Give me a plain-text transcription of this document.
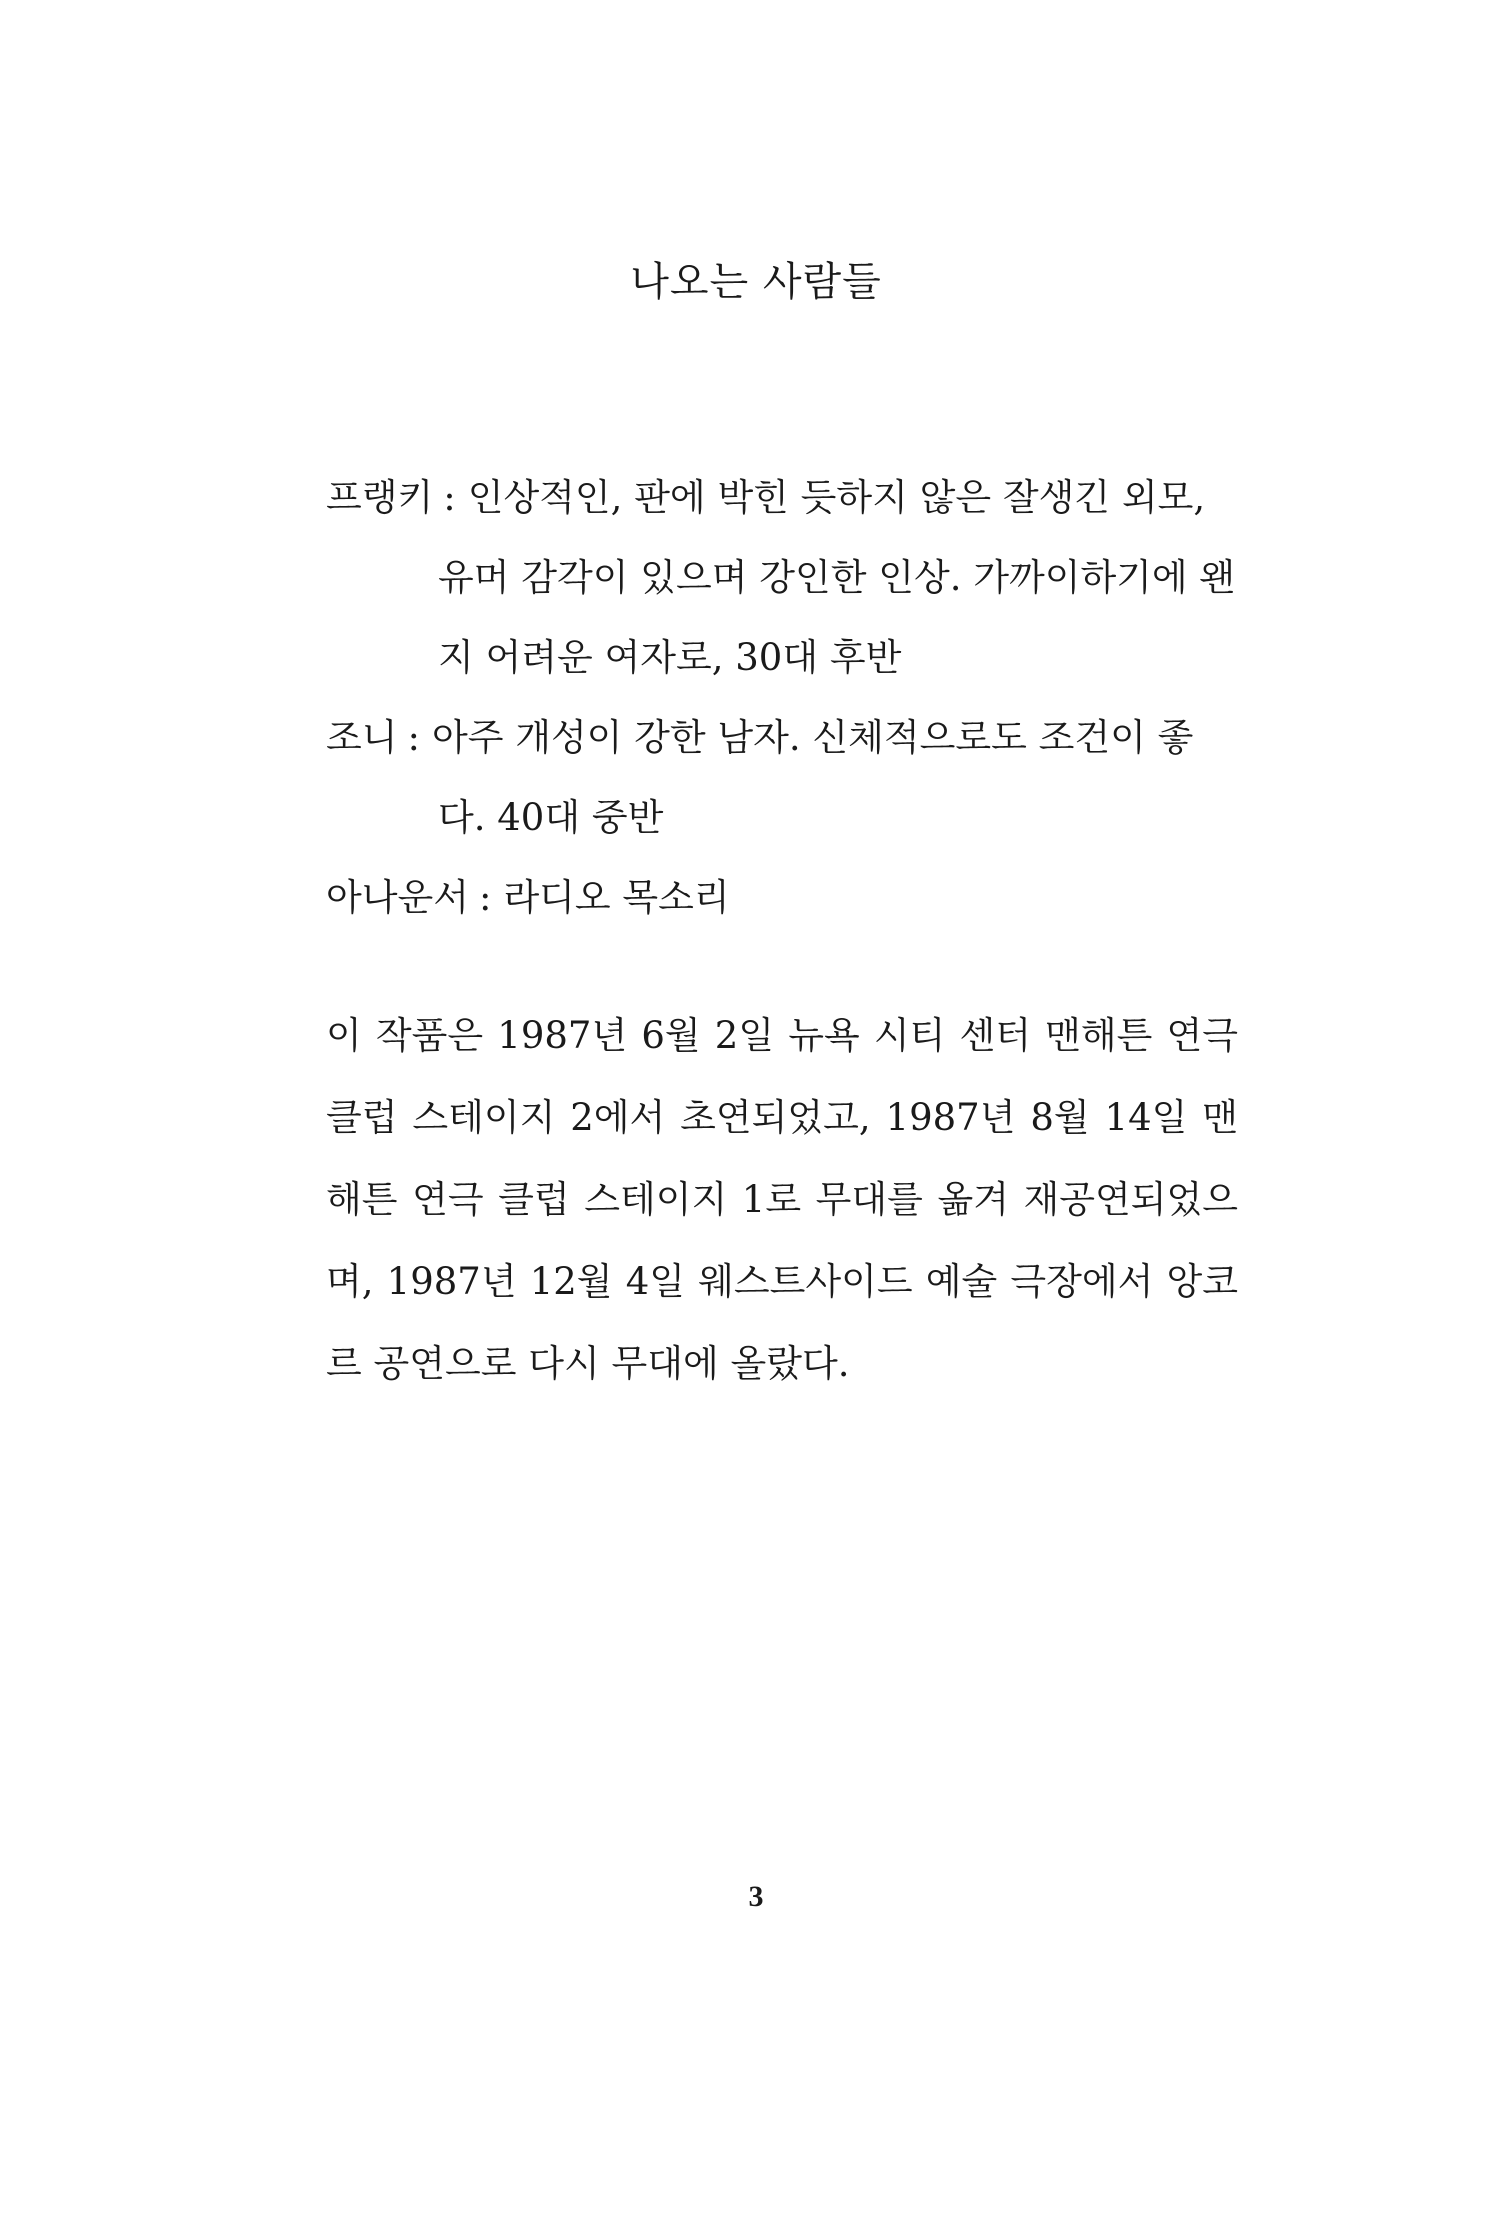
나오는 사람들
프랭키 : 인상적인, 판에 박힌 듯하지 않은 잘생긴 외모, 유머 감각이 있으며 강인한 인상. 가까이하기에 왠지 어려운 여자로, 30대 후반
조니 : 아주 개성이 강한 남자. 신체적으로도 조건이 좋다. 40대 중반
아나운서 : 라디오 목소리

이 작품은 1987년 6월 2일 뉴욕 시티 센터 맨해튼 연극 클럽 스테이지 2에서 초연되었고, 1987년 8월 14일 맨해튼 연극 클럽 스테이지 1로 무대를 옮겨 재공연되었으며, 1987년 12월 4일 웨스트사이드 예술 극장에서 앙코르 공연으로 다시 무대에 올랐다.

3
